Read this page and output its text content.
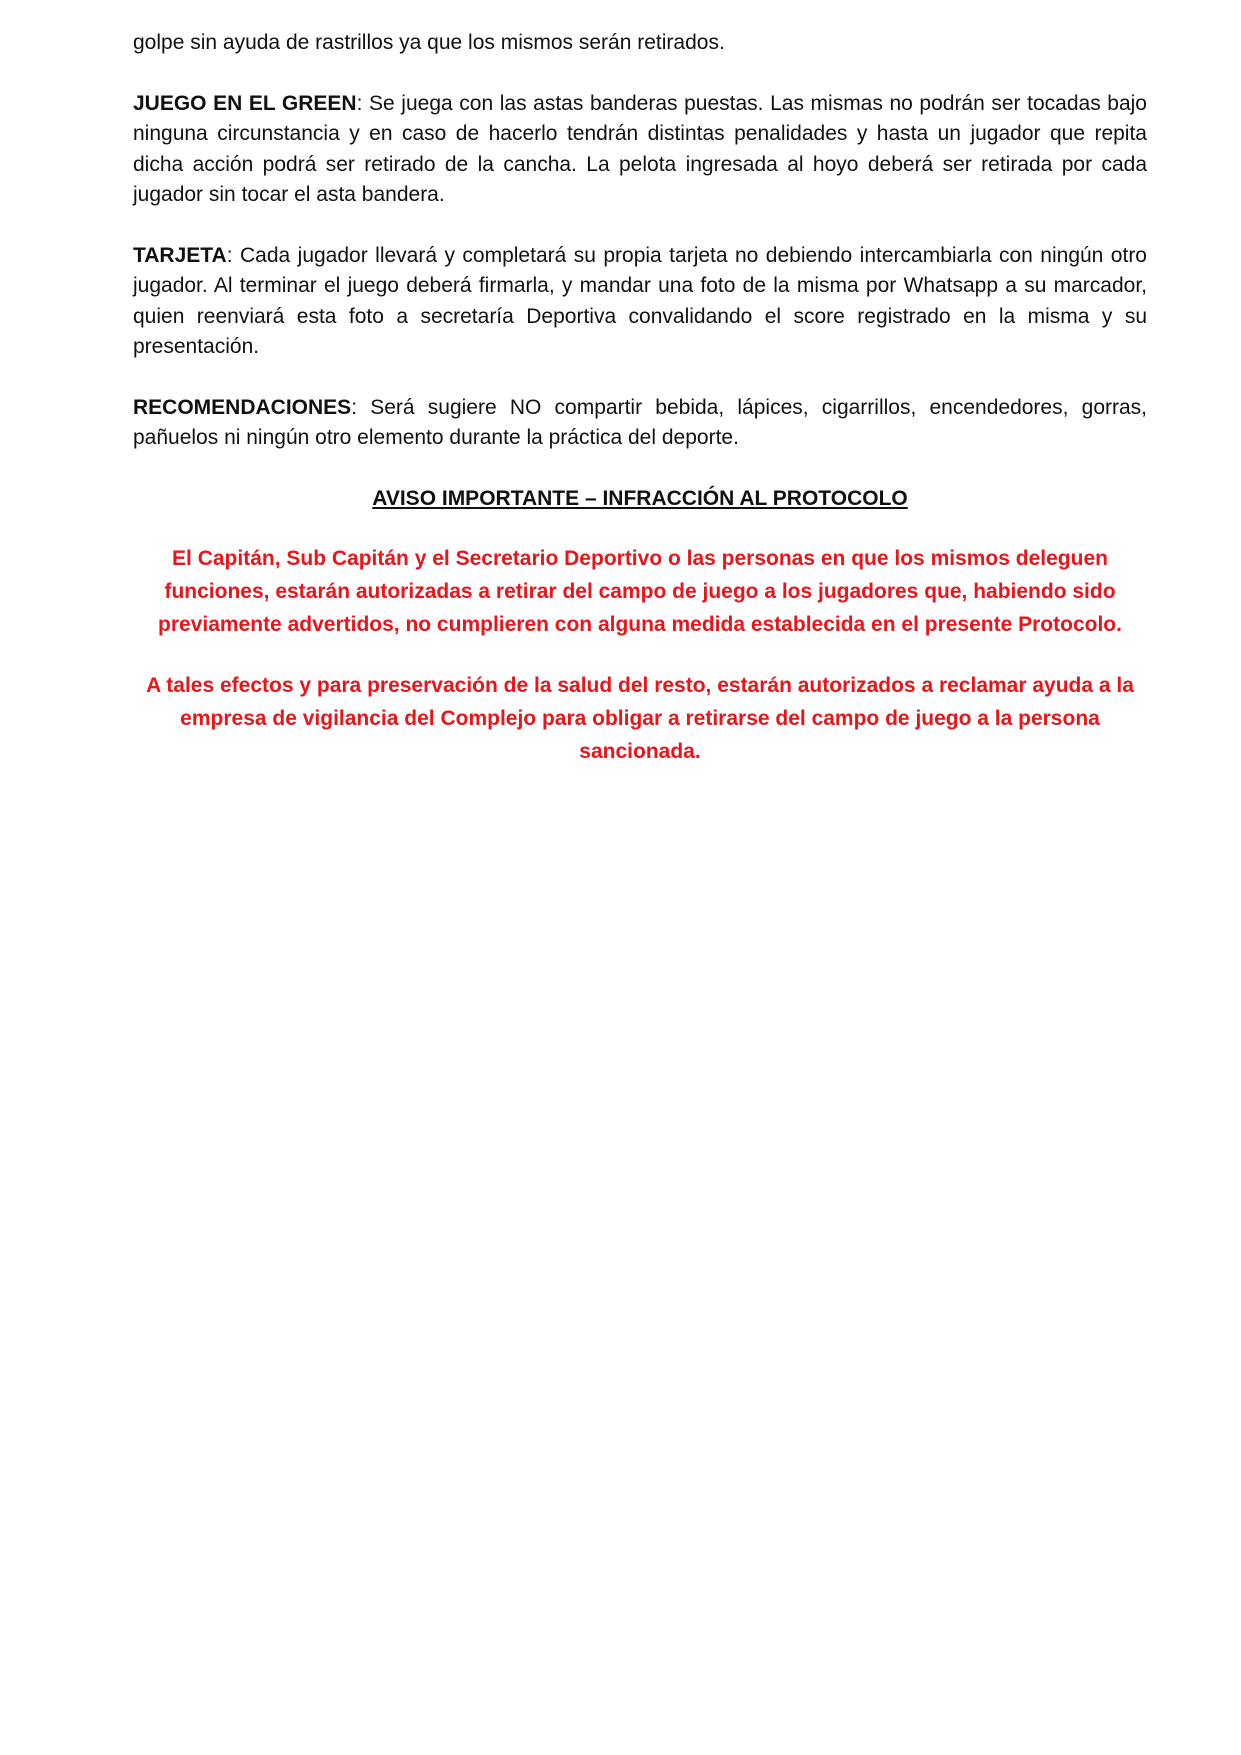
golpe sin ayuda de rastrillos ya que los mismos serán retirados.

JUEGO EN EL GREEN: Se juega con las astas banderas puestas. Las mismas no podrán ser tocadas bajo ninguna circunstancia y en caso de hacerlo tendrán distintas penalidades y hasta un jugador que repita dicha acción podrá ser retirado de la cancha. La pelota ingresada al hoyo deberá ser retirada por cada jugador sin tocar el asta bandera.

TARJETA: Cada jugador llevará y completará su propia tarjeta no debiendo intercambiarla con ningún otro jugador. Al terminar el juego deberá firmarla, y mandar una foto de la misma por Whatsapp a su marcador, quien reenviará esta foto a secretaría Deportiva convalidando el score registrado en la misma y su presentación.

RECOMENDACIONES: Será sugiere NO compartir bebida, lápices, cigarrillos, encendedores, gorras, pañuelos ni ningún otro elemento durante la práctica del deporte.

AVISO IMPORTANTE – INFRACCIÓN AL PROTOCOLO

El Capitán, Sub Capitán y el Secretario Deportivo o las personas en que los mismos deleguen funciones, estarán autorizadas a retirar del campo de juego a los jugadores que, habiendo sido previamente advertidos, no cumplieren con alguna medida establecida en el presente Protocolo.

A tales efectos y para preservación de la salud del resto, estarán autorizados a reclamar ayuda a la empresa de vigilancia del Complejo para obligar a retirarse del campo de juego a la persona sancionada.
